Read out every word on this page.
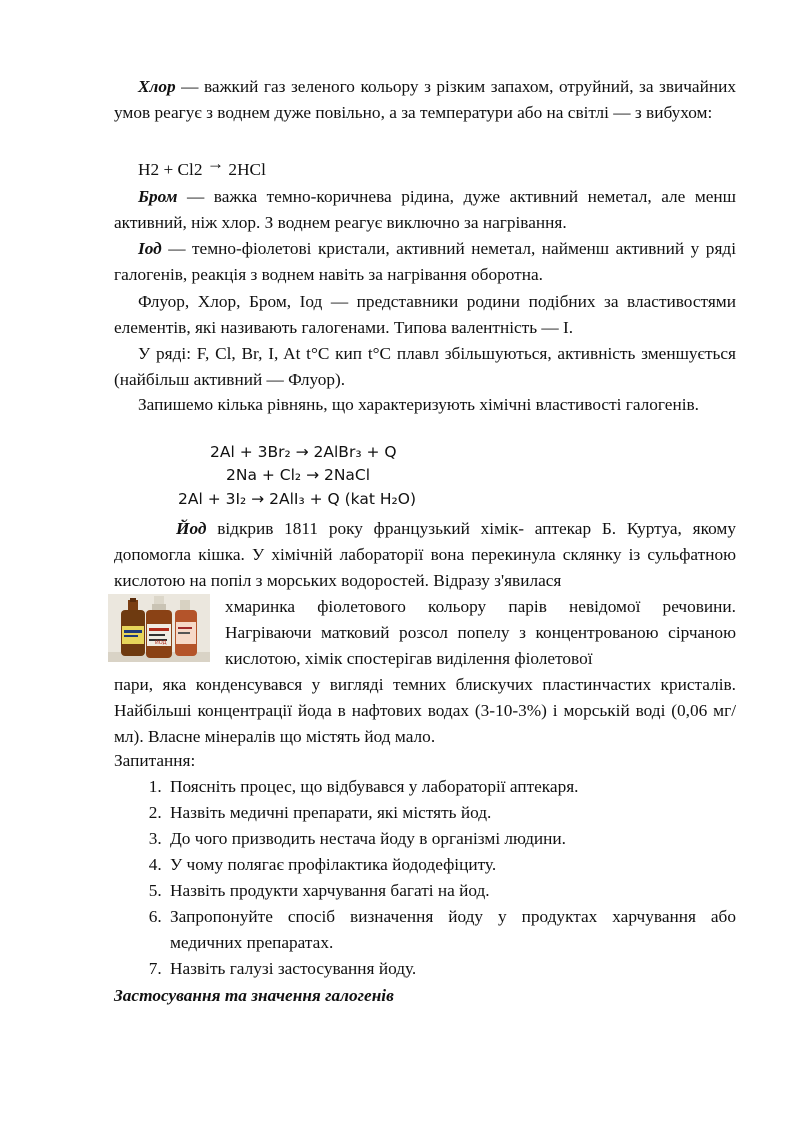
Хлор — важкий газ зеленого кольору з різким запахом, отруйний, за звичайних умов реагує з воднем дуже повільно, а за температури або на світлі — з вибухом:

H2 + Cl2 → 2HCl

Бром — важка темно-коричнева рідина, дуже активний неметал, але менш активний, ніж хлор. З воднем реагує виключно за нагрівання.

Іод — темно-фіолетові кристали, активний неметал, найменш активний у ряді галогенів, реакція з воднем навіть за нагрівання оборотна.

Флуор, Хлор, Бром, Іод — представники родини подібних за властивостями елементів, які називають галогенами. Типова валентність — I.

У ряді: F, Cl, Br, I, At t°C кип t°C плавл збільшуються, активність зменшується (найбільш активний — Флуор).

Запишемо кілька рівнянь, що характеризують хімічні властивості галогенів.

2Al + 3Br₂ → 2AlBr₃ + Q
2Na + Cl₂ → 2NaCl
2Al + 3I₂ → 2AlI₃ + Q (kat H₂O)

Йод відкрив 1811 року французький хімік- аптекар Б. Куртуа, якому допомогла кішка. У хімічній лабораторії вона перекинула склянку із сульфатною кислотою на попіл з морських водоростей. Відразу з'явилася

ЙОД

хмаринка фіолетового кольору парів невідомої речовини. Нагріваючи матковий розсол попелу з концентрованою сірчаною кислотою, хімік спостерігав виділення фіолетової

пари, яка конденсувався у вигляді темних блискучих пластинчастих кристалів. Найбільші концентрації йода в нафтових водах (3-10-3%) і морській воді (0,06 мг/мл). Власне мінералів що містять йод мало.

Запитання:

1. Поясніть процес, що відбувався у лабораторії аптекаря.
2. Назвіть медичні препарати, які містять йод.
3. До чого призводить нестача йоду в організмі людини.
4. У чому полягає профілактика йододефіциту.
5. Назвіть продукти харчування багаті на йод.
6. Запропонуйте спосіб визначення йоду у продуктах харчування або медичних препаратах.
7. Назвіть галузі застосування йоду.
Застосування та значення галогенів
